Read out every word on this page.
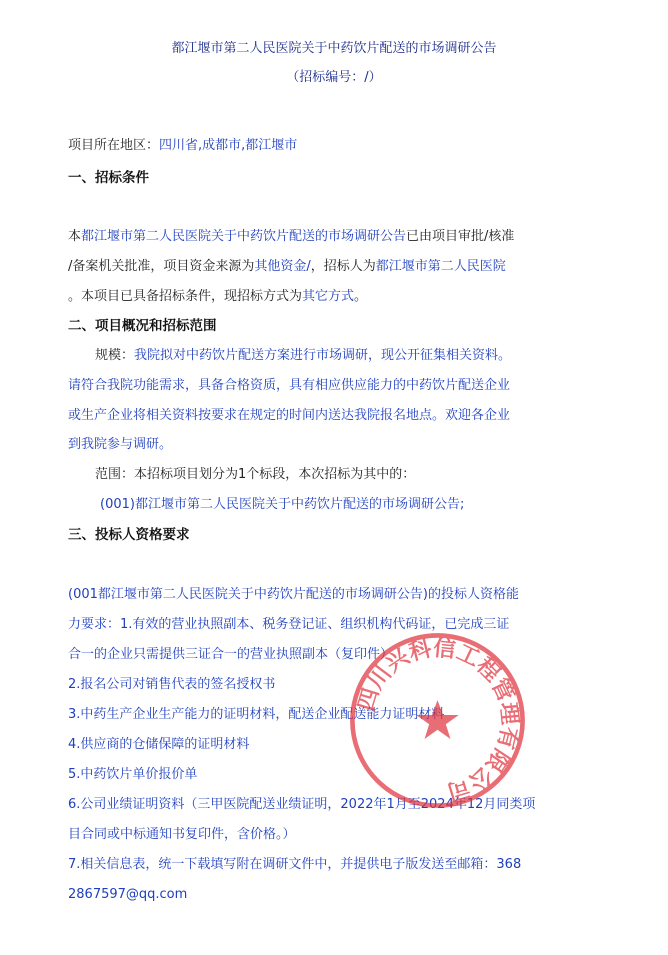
都江堰市第二人民医院关于中药饮片配送的市场调研公告
（招标编号：/）
项目所在地区：四川省,成都市,都江堰市
一、招标条件
本都江堰市第二人民医院关于中药饮片配送的市场调研公告已由项目审批/核准
/备案机关批准，项目资金来源为其他资金/，招标人为都江堰市第二人民医院
。本项目已具备招标条件，现招标方式为其它方式。
二、项目概况和招标范围
规模：我院拟对中药饮片配送方案进行市场调研，现公开征集相关资料。
请符合我院功能需求，具备合格资质，具有相应供应能力的中药饮片配送企业
或生产企业将相关资料按要求在规定的时间内送达我院报名地点。欢迎各企业
到我院参与调研。
范围：本招标项目划分为1个标段，本次招标为其中的：
(001)都江堰市第二人民医院关于中药饮片配送的市场调研公告;
三、投标人资格要求
(001都江堰市第二人民医院关于中药饮片配送的市场调研公告)的投标人资格能
力要求：1.有效的营业执照副本、税务登记证、组织机构代码证，已完成三证
合一的企业只需提供三证合一的营业执照副本（复印件）
2.报名公司对销售代表的签名授权书
3.中药生产企业生产能力的证明材料，配送企业配送能力证明材料
4.供应商的仓储保障的证明材料
5.中药饮片单价报价单
6.公司业绩证明资料（三甲医院配送业绩证明，2022年1月至2024年12月同类项
目合同或中标通知书复印件，含价格。）
7.相关信息表，统一下载填写附在调研文件中，并提供电子版发送至邮箱：368
2867597@qq.com
四川兴科信工程管理有限公司
